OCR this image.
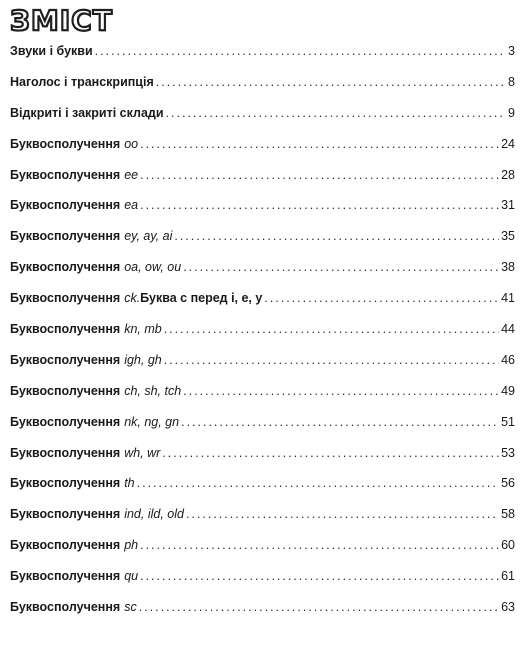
ЗМІСТ
Звуки і букви .....	3
Наголос і транскрипція .....	8
Відкриті і закриті склади .....	9
Буквосполучення oo .....	24
Буквосполучення ee .....	28
Буквосполучення ea .....	31
Буквосполучення ey, ay, ai .....	35
Буквосполучення oa, ow, ou .....	38
Буквосполучення ck. Буква c перед i, e, y .....	41
Буквосполучення kn, mb .....	44
Буквосполучення igh, gh .....	46
Буквосполучення ch, sh, tch .....	49
Буквосполучення nk, ng, gn .....	51
Буквосполучення wh, wr .....	53
Буквосполучення th .....	56
Буквосполучення ind, ild, old .....	58
Буквосполучення ph .....	60
Буквосполучення qu .....	61
Буквосполучення sc .....	63
